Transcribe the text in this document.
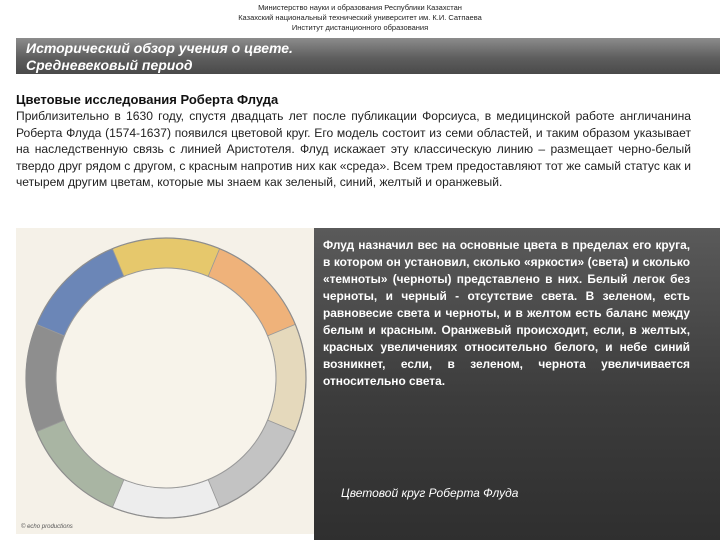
Министерство науки и образования Республики Казахстан
Казахский национальный технический университет им. К.И. Сатпаева
Институт дистанционного образования
Исторический обзор учения о цвете.
Средневековый период
Цветовые исследования Роберта Флуда
Приблизительно в 1630 году, спустя двадцать лет после публикации Форсиуса, в медицинской работе англичанина Роберта Флуда (1574-1637) появился цветовой круг. Его модель состоит из семи областей, и таким образом указывает на наследственную связь с линией Аристотеля. Флуд искажает эту классическую линию – размещает черно-белый твердо друг рядом с другом, с красным напротив них как «среда». Всем трем предоставляют тот же самый статус как и четырем другим цветам, которые мы знаем как зеленый, синий, желтый и оранжевый.
© echo productions
Флуд назначил вес на основные цвета в пределах его круга, в котором он установил, сколько «яркости» (света) и сколько «темноты» (черноты) представлено в них. Белый легок без черноты, и черный - отсутствие света. В зеленом, есть равновесие света и черноты, и в желтом есть баланс между белым и красным. Оранжевый происходит, если, в желтых, красных увеличениях относительно белого, и небе синий возникнет, если, в зеленом, чернота увеличивается относительно света.
Цветовой круг Роберта Флуда
